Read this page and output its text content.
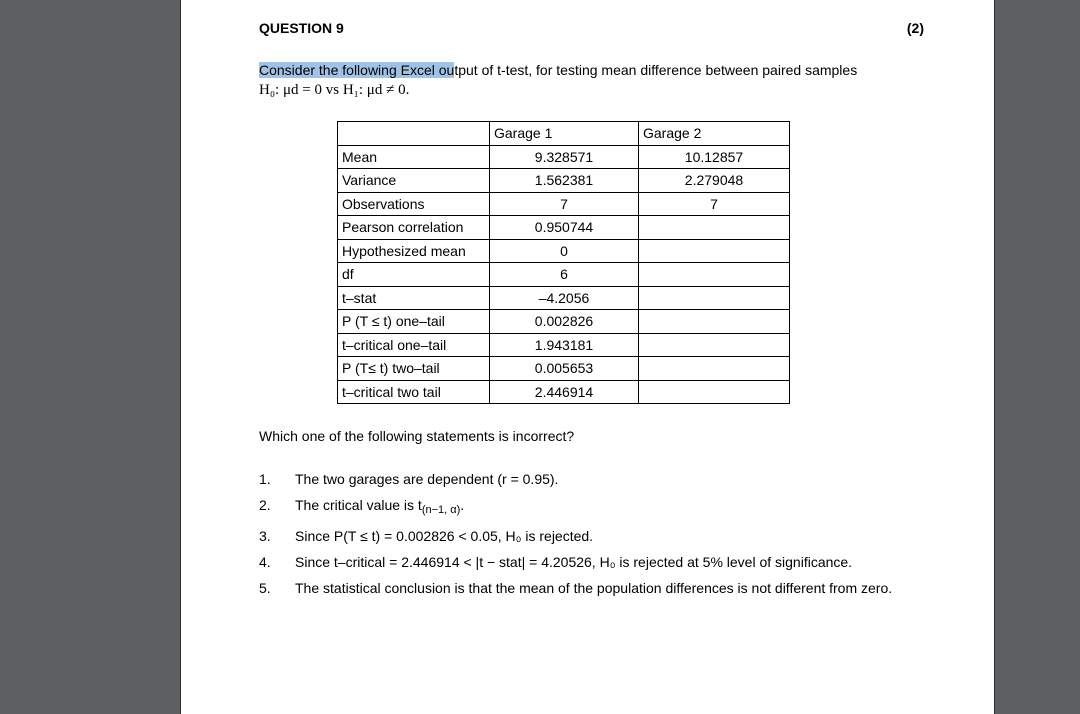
QUESTION 9	(2)
Consider the following Excel output of t-test, for testing mean difference between paired samples
H₀: μd = 0 vs H₁: μd ≠ 0.
	Garage 1	Garage 2
Mean	9.328571	10.12857
Variance	1.562381	2.279048
Observations	7	7
Pearson correlation	0.950744	
Hypothesized mean	0	
df	6	
t–stat	–4.2056	
P (T ≤ t) one–tail	0.002826	
t–critical one–tail	1.943181	
P (T≤ t) two–tail	0.005653	
t–critical two tail	2.446914	
Which one of the following statements is incorrect?
1. The two garages are dependent (r = 0.95).
2. The critical value is $t_{(n-1, \alpha)}$.
3. Since P(T ≤ t) = 0.002826 < 0.05, H₀ is rejected.
4. Since t–critical = 2.446914 < |t − stat| = 4.20526, H₀ is rejected at 5% level of significance.
5. The statistical conclusion is that the mean of the population differences is not different from zero.
